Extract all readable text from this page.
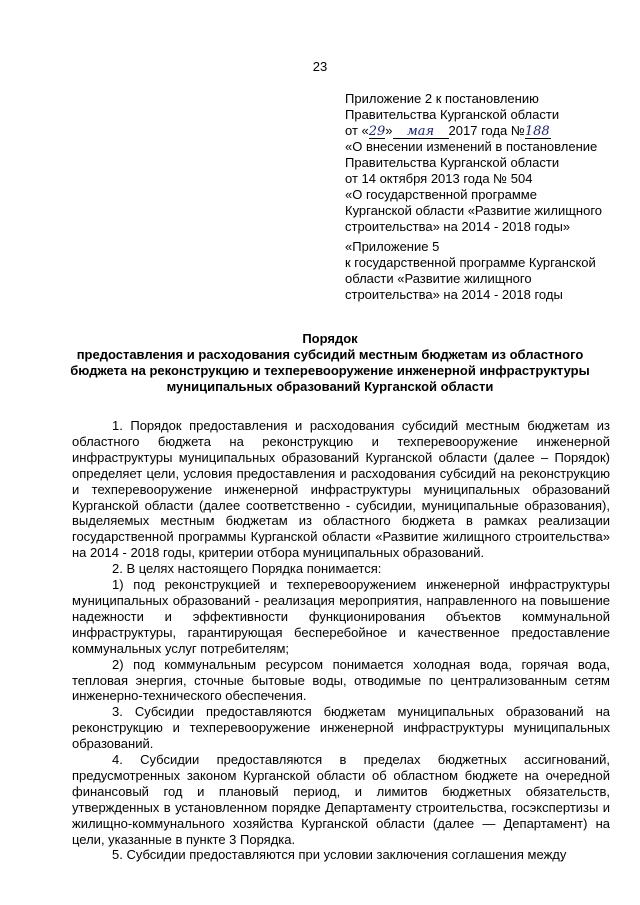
23
Приложение 2 к постановлению
Правительства Курганской области
от «29» мая 2017 года №188
«О внесении изменений в постановление
Правительства Курганской области
от 14 октября 2013 года № 504
«О государственной программе
Курганской области «Развитие жилищного
строительства» на 2014 - 2018 годы»
«Приложение 5
к государственной программе Курганской
области «Развитие жилищного
строительства» на 2014 - 2018 годы
Порядок
предоставления и расходования субсидий местным бюджетам из областного
бюджета на реконструкцию и техперевооружение инженерной инфраструктуры
муниципальных образований Курганской области

1. Порядок предоставления и расходования субсидий местным бюджетам из областного бюджета на реконструкцию и техперевооружение инженерной инфраструктуры муниципальных образований Курганской области (далее – Порядок) определяет цели, условия предоставления и расходования субсидий на реконструкцию и техперевооружение инженерной инфраструктуры муниципальных образований Курганской области (далее соответственно - субсидии, муниципальные образования), выделяемых местным бюджетам из областного бюджета в рамках реализации государственной программы Курганской области «Развитие жилищного строительства» на 2014 - 2018 годы, критерии отбора муниципальных образований.

2. В целях настоящего Порядка понимается:

1) под реконструкцией и техперевооружением инженерной инфраструктуры муниципальных образований - реализация мероприятия, направленного на повышение надежности и эффективности функционирования объектов коммунальной инфраструктуры, гарантирующая бесперебойное и качественное предоставление коммунальных услуг потребителям;

2) под коммунальным ресурсом понимается холодная вода, горячая вода, тепловая энергия, сточные бытовые воды, отводимые по централизованным сетям инженерно-технического обеспечения.

3. Субсидии предоставляются бюджетам муниципальных образований на реконструкцию и техперевооружение инженерной инфраструктуры муниципальных образований.

4. Субсидии предоставляются в пределах бюджетных ассигнований, предусмотренных законом Курганской области об областном бюджете на очередной финансовый год и плановый период, и лимитов бюджетных обязательств, утвержденных в установленном порядке Департаменту строительства, госэкспертизы и жилищно-коммунального хозяйства Курганской области (далее — Департамент) на цели, указанные в пункте 3 Порядка.

5. Субсидии предоставляются при условии заключения соглашения между
